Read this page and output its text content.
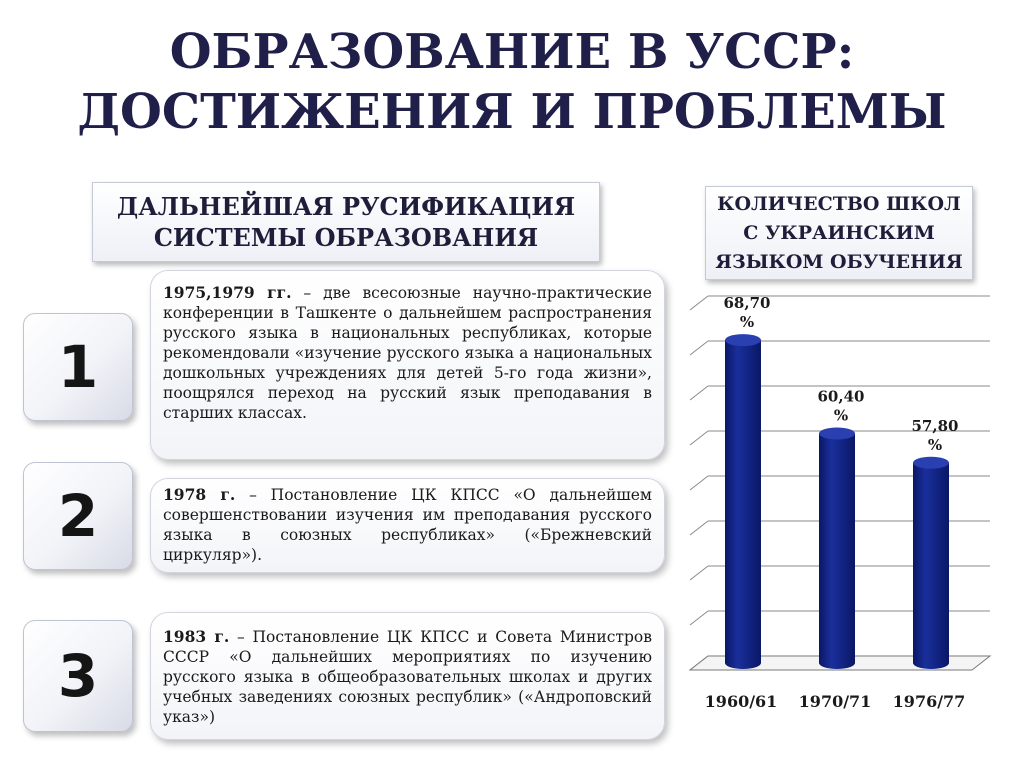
ОБРАЗОВАНИЕ В УССР:
ДОСТИЖЕНИЯ И ПРОБЛЕМЫ
ДАЛЬНЕЙШАЯ РУСИФИКАЦИЯ
СИСТЕМЫ ОБРАЗОВАНИЯ
КОЛИЧЕСТВО ШКОЛ
С УКРАИНСКИМ
ЯЗЫКОМ ОБУЧЕНИЯ
1
2
3
1975,1979 гг. – две всесоюзные научно-практические конференции в Ташкенте о дальнейшем распространения русского языка в национальных республиках, которые рекомендовали «изучение русского языка а национальных дошкольных учреждениях для детей 5-го года жизни», поощрялся переход на русский язык преподавания в старших классах.
1978 г. – Постановление ЦК КПСС «О дальнейшем совершенствовании изучения им преподавания русского языка в союзных республиках» («Брежневский циркуляр»).
1983 г. – Постановление ЦК КПСС и Совета Министров СССР «О дальнейших мероприятиях по изучению русского языка в общеобразовательных школах и других учебных заведениях союзных республик» («Андроповский указ»)
68,70
%
60,40
%
57,80
%
1960/61 1970/71 1976/77
